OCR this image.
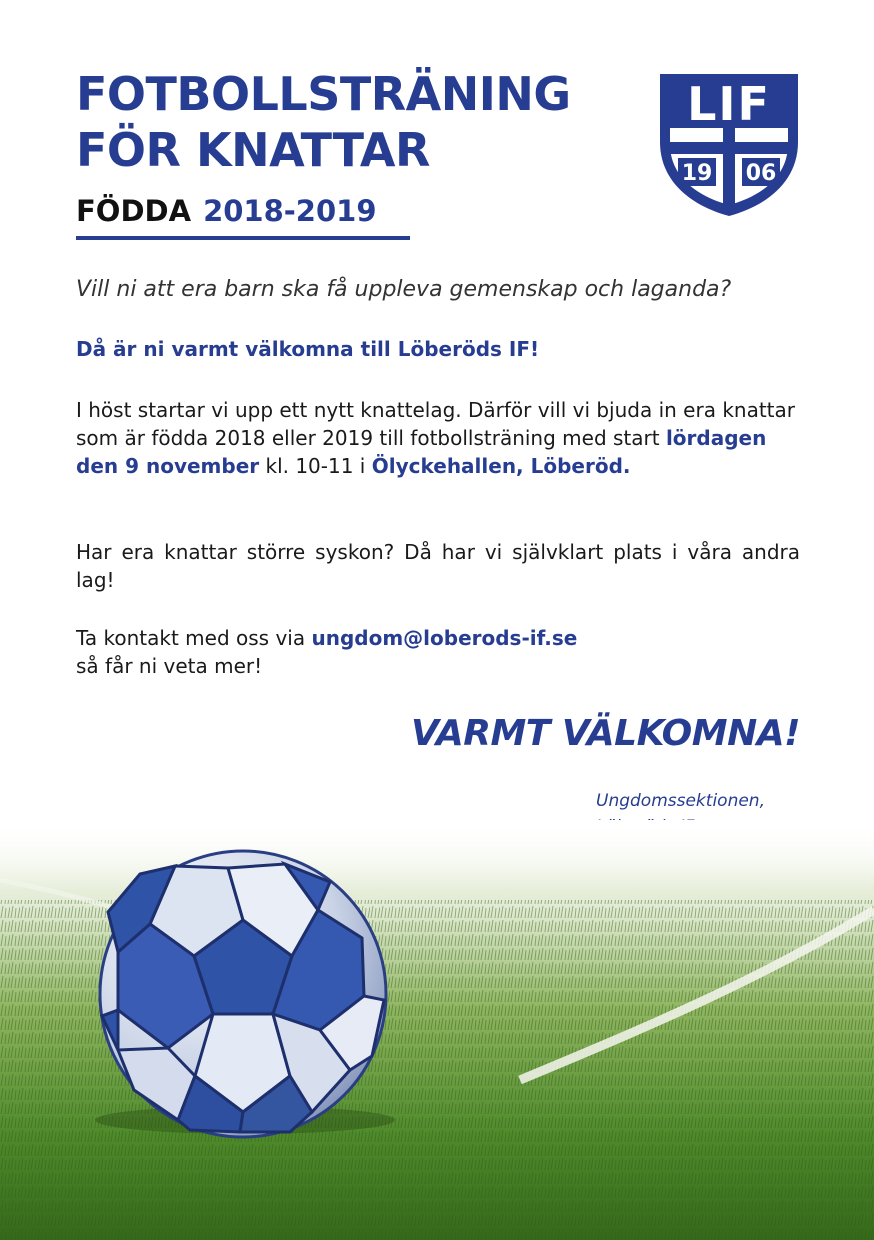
FOTBOLLSTRÄNING
FÖR KNATTAR
FÖDDA 2018-2019
LIF
19 06
Vill ni att era barn ska få uppleva gemenskap och laganda?
Då är ni varmt välkomna till Löberöds IF!

I höst startar vi upp ett nytt knattelag. Därför vill vi bjuda in era knattar som är födda 2018 eller 2019 till fotbollsträning med start lördagen den 9 november kl. 10-11 i Ölyckehallen, Löberöd.

Har era knattar större syskon? Då har vi självklart plats i våra andra lag!

Ta kontakt med oss via ungdom@loberods-if.se
så får ni veta mer!

VARMT VÄLKOMNA!
Ungdomssektionen,
